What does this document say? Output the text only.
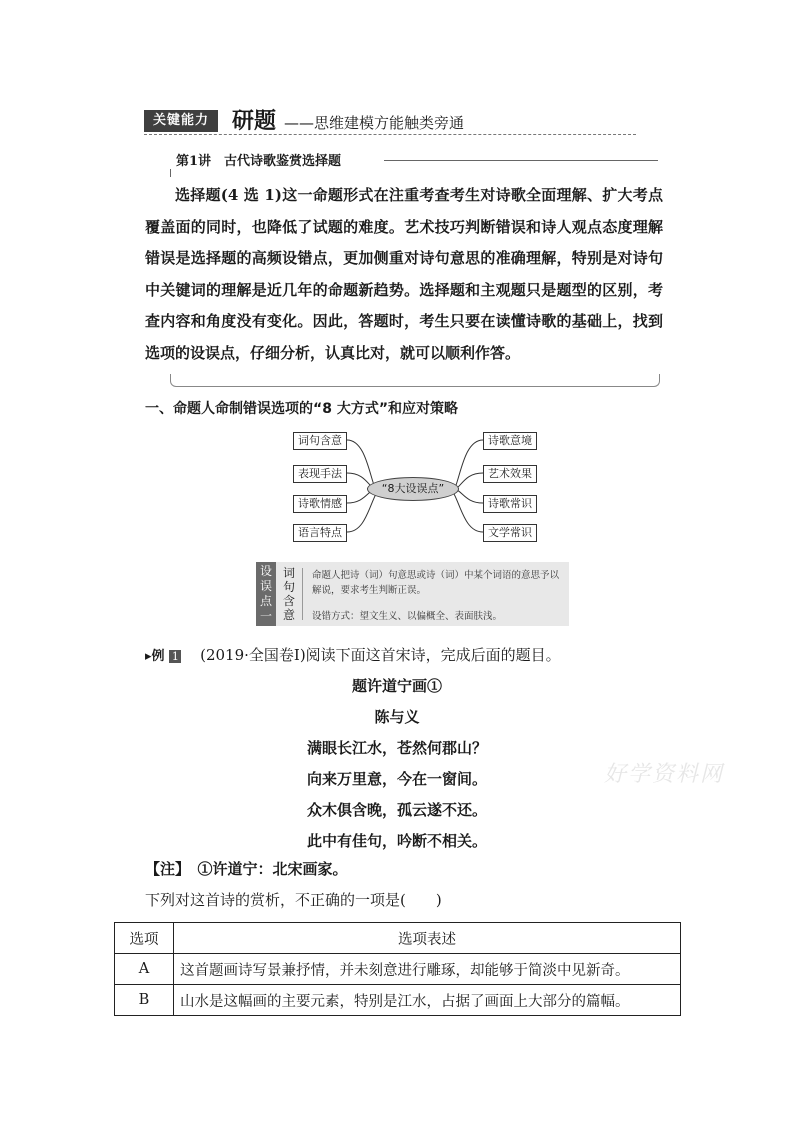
关键能力	研题 ——思维建模方能触类旁通
第1讲　古代诗歌鉴赏选择题
选择题(4 选 1)这一命题形式在注重考查考生对诗歌全面理解、扩大考点覆盖面的同时，也降低了试题的难度。艺术技巧判断错误和诗人观点态度理解错误是选择题的高频设错点，更加侧重对诗句意思的准确理解，特别是对诗句中关键词的理解是近几年的命题新趋势。选择题和主观题只是题型的区别，考查内容和角度没有变化。因此，答题时，考生只要在读懂诗歌的基础上，找到选项的设误点，仔细分析，认真比对，就可以顺利作答。
一、命题人命制错误选项的“8 大方式”和应对策略
词句含意
表现手法
诗歌情感
语言特点
诗歌意境
艺术效果
诗歌常识
文学常识
“8大设误点”
设误点一
词句含意
命题人把诗（词）句意思或诗（词）中某个词语的意思予以解说，要求考生判断正误。
设错方式：望文生义、以偏概全、表面肤浅。
▸例 1 (2019·全国卷Ⅰ)阅读下面这首宋诗，完成后面的题目。
题许道宁画①
陈与义
满眼长江水，苍然何郡山？
向来万里意，今在一窗间。
众木俱含晚，孤云遂不还。
此中有佳句，吟断不相关。
好学资料网
【注】　①许道宁：北宋画家。
下列对这首诗的赏析，不正确的一项是(　　)
选项	选项表述
A	这首题画诗写景兼抒情，并未刻意进行雕琢，却能够于简淡中见新奇。
B	山水是这幅画的主要元素，特别是江水，占据了画面上大部分的篇幅。
